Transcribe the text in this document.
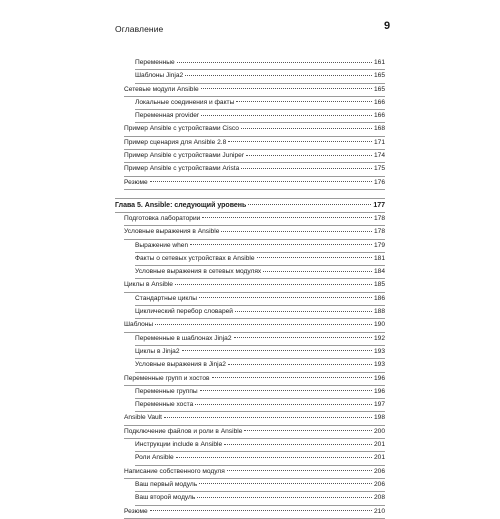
Оглавление	9
Переменные	161
Шаблоны Jinja2	165
Сетевые модули Ansible	165
Локальные соединения и факты	166
Переменная provider	166
Пример Ansible с устройствами Cisco	168
Пример сценария для Ansible 2.8	171
Пример Ansible с устройствами Juniper	174
Пример Ansible с устройствами Arista	175
Резюме	176
Глава 5. Ansible: следующий уровень	177
Подготовка лаборатории	178
Условные выражения в Ansible	178
Выражение when	179
Факты о сетевых устройствах в Ansible	181
Условные выражения в сетевых модулях	184
Циклы в Ansible	185
Стандартные циклы	186
Циклический перебор словарей	188
Шаблоны	190
Переменные в шаблонах Jinja2	192
Циклы в Jinja2	193
Условные выражения в Jinja2	193
Переменные групп и хостов	196
Переменные группы	196
Переменные хоста	197
Ansible Vault	198
Подключение файлов и роли в Ansible	200
Инструкции include в Ansible	201
Роли Ansible	201
Написание собственного модуля	206
Ваш первый модуль	206
Ваш второй модуль	208
Резюме	210
